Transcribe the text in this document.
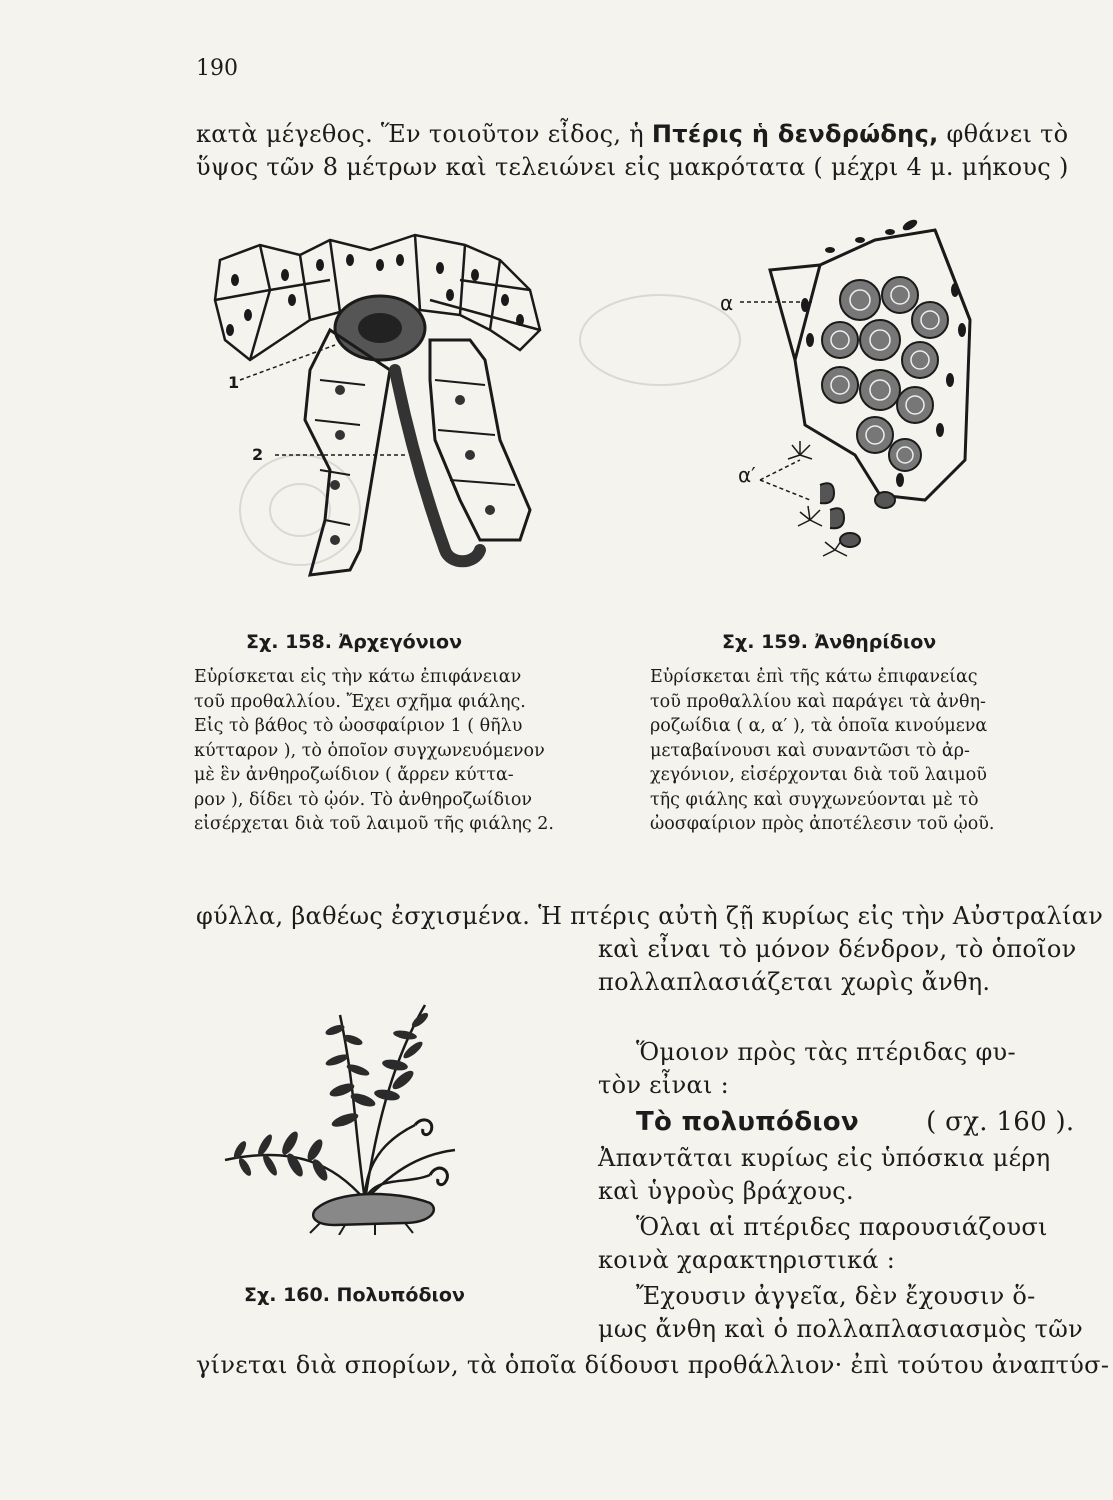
190
κατὰ μέγεθος. Ἕν τοιοῦτον εἶδος, ἡ Πτέρις ἡ δενδρώδης, φθάνει τὸ
ὕψος τῶν 8 μέτρων καὶ τελειώνει εἰς μακρότατα ( μέχρι 4 μ. μήκους )
1
2
α
α′
Σχ. 158. Ἀρχεγόνιον
Εὑρίσκεται εἰς τὴν κάτω ἐπιφάνειαν
τοῦ προθαλλίου. Ἔχει σχῆμα φιάλης.
Εἰς τὸ βάθος τὸ ὠοσφαίριον 1 ( θῆλυ
κύτταρον ), τὸ ὁποῖον συγχωνευόμενον
μὲ ἓν ἀνθηροζωίδιον ( ἄρρεν κύττα-
ρον ), δίδει τὸ ᾠόν. Τὸ ἀνθηροζωίδιον
εἰσέρχεται διὰ τοῦ λαιμοῦ τῆς φιάλης 2.
Σχ. 159. Ἀνθηρίδιον
Εὑρίσκεται ἐπὶ τῆς κάτω ἐπιφανείας
τοῦ προθαλλίου καὶ παράγει τὰ ἀνθη-
ροζωίδια ( α, α′ ), τὰ ὁποῖα κινούμενα
μεταβαίνουσι καὶ συναντῶσι τὸ ἀρ-
χεγόνιον, εἰσέρχονται διὰ τοῦ λαιμοῦ
τῆς φιάλης καὶ συγχωνεύονται μὲ τὸ
ὠοσφαίριον πρὸς ἀποτέλεσιν τοῦ ᾠοῦ.
φύλλα, βαθέως ἐσχισμένα. Ἡ πτέρις αὐτὴ ζῇ κυρίως εἰς τὴν Αὐστραλίαν
καὶ εἶναι τὸ μόνον δένδρον, τὸ ὁποῖον
πολλαπλασιάζεται χωρὶς ἄνθη.
Ὅμοιον πρὸς τὰς πτέριδας φυ-
τὸν εἶναι :
Τὸ πολυπόδιον	( σχ. 160 ).
Ἀπαντᾶται κυρίως εἰς ὑπόσκια μέρη
καὶ ὑγροὺς βράχους.
Ὅλαι αἱ πτέριδες παρουσιάζουσι
κοινὰ χαρακτηριστικά :
Ἔχουσιν ἀγγεῖα, δὲν ἔχουσιν ὅ-
μως ἄνθη καὶ ὁ πολλαπλασιασμὸς τῶν
γίνεται διὰ σπορίων, τὰ ὁποῖα δίδουσι προθάλλιον· ἐπὶ τούτου ἀναπτύσ-
Σχ. 160. Πολυπόδιον
